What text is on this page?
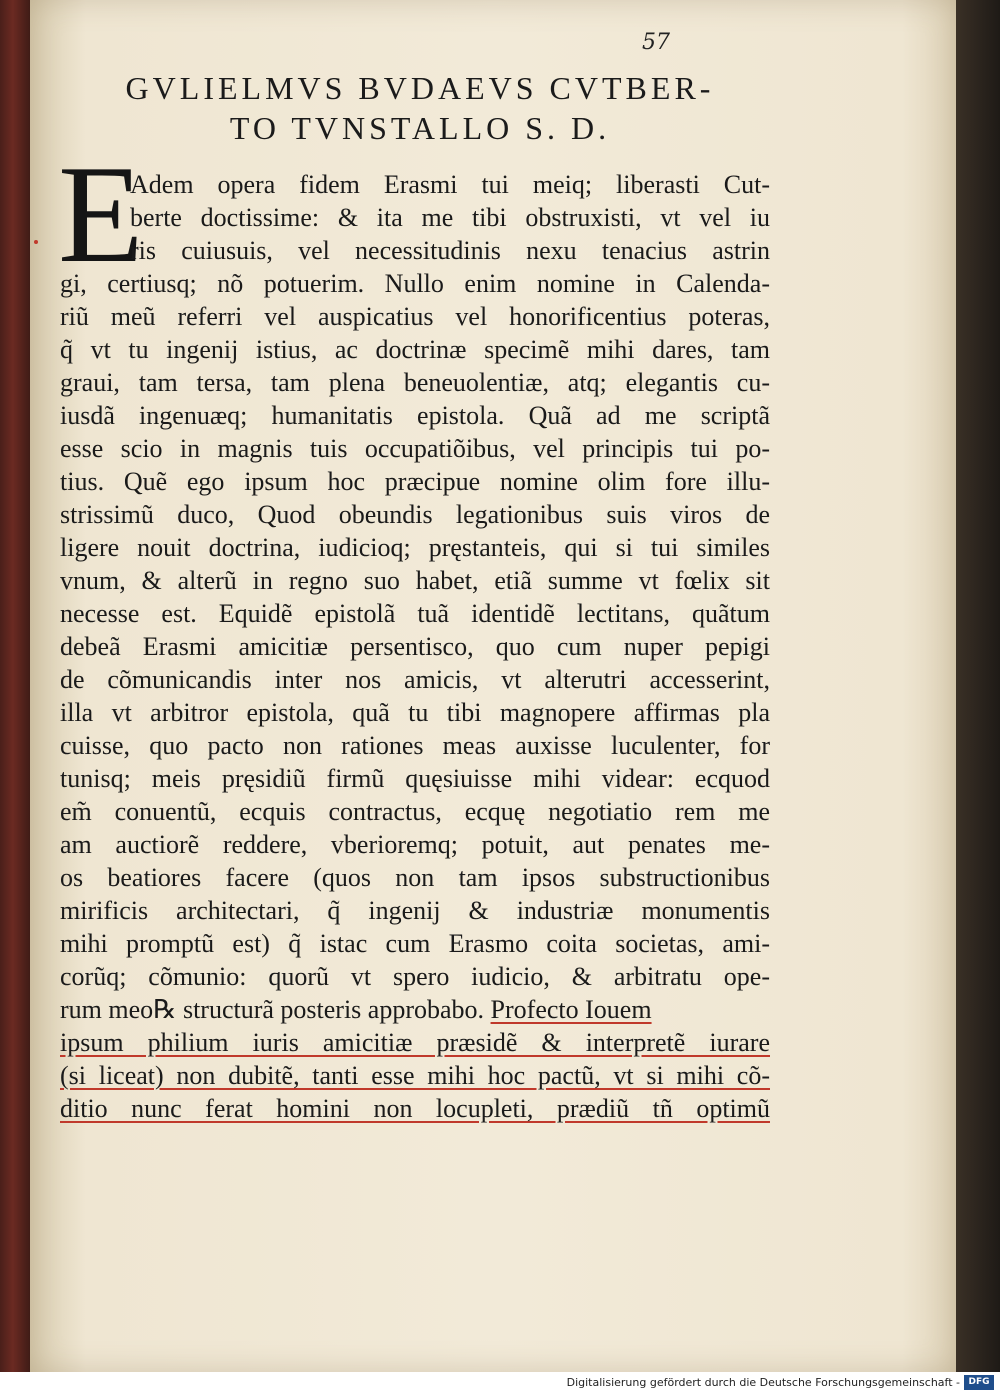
57
GVLIELMVS BVDAEVS CVTBER-
TO TVNSTALLO S. D.
E
Adem opera fidem Erasmi tui meiq; liberasti Cut-
berte doctissime: & ita me tibi obstruxisti, vt vel iu
ris cuiusuis, vel necessitudinis nexu tenacius astrin
gi, certiusq; nõ potuerim. Nullo enim nomine in Calenda-
riũ meũ referri vel auspicatius vel honorificentius poteras,
q̃ vt tu ingenij istius, ac doctrinæ specimẽ mihi dares, tam
graui, tam tersa, tam plena beneuolentiæ, atq; elegantis cu-
iusdã ingenuæq; humanitatis epistola. Quã ad me scriptã
esse scio in magnis tuis occupatiõibus, vel principis tui po-
tius. Quẽ ego ipsum hoc præcipue nomine olim fore illu-
strissimũ duco, Quod obeundis legationibus suis viros de
ligere nouit doctrina, iudicioq; pręstanteis, qui si tui similes
vnum, & alterũ in regno suo habet, etiã summe vt fœlix sit
necesse est. Equidẽ epistolã tuã identidẽ lectitans, quãtum
debeã Erasmi amicitiæ persentisco, quo cum nuper pepigi
de cõmunicandis inter nos amicis, vt alterutri accesserint,
illa vt arbitror epistola, quã tu tibi magnopere affirmas pla
cuisse, quo pacto non rationes meas auxisse luculenter, for
tunisq; meis pręsidiũ firmũ quęsiuisse mihi videar: ecquod
em̃ conuentũ, ecquis contractus, ecquę negotiatio rem me
am auctiorẽ reddere, vberioremq; potuit, aut penates me-
os beatiores facere (quos non tam ipsos substructionibus
mirificis architectari, q̃ ingenij & industriæ monumentis
mihi promptũ est) q̃ istac cum Erasmo coita societas, ami-
corũq; cõmunio: quorũ vt spero iudicio, & arbitratu ope-
rum meo℞ structurã posteris approbabo. Profecto Iouem
ipsum philium iuris amicitiæ præsidẽ & interpretẽ iurare
(si liceat) non dubitẽ, tanti esse mihi hoc pactũ, vt si mihi cõ-
ditio nunc ferat homini non locupleti, prædiũ tñ optimũ
Digitalisierung gefördert durch die Deutsche Forschungsgemeinschaft - DFG
